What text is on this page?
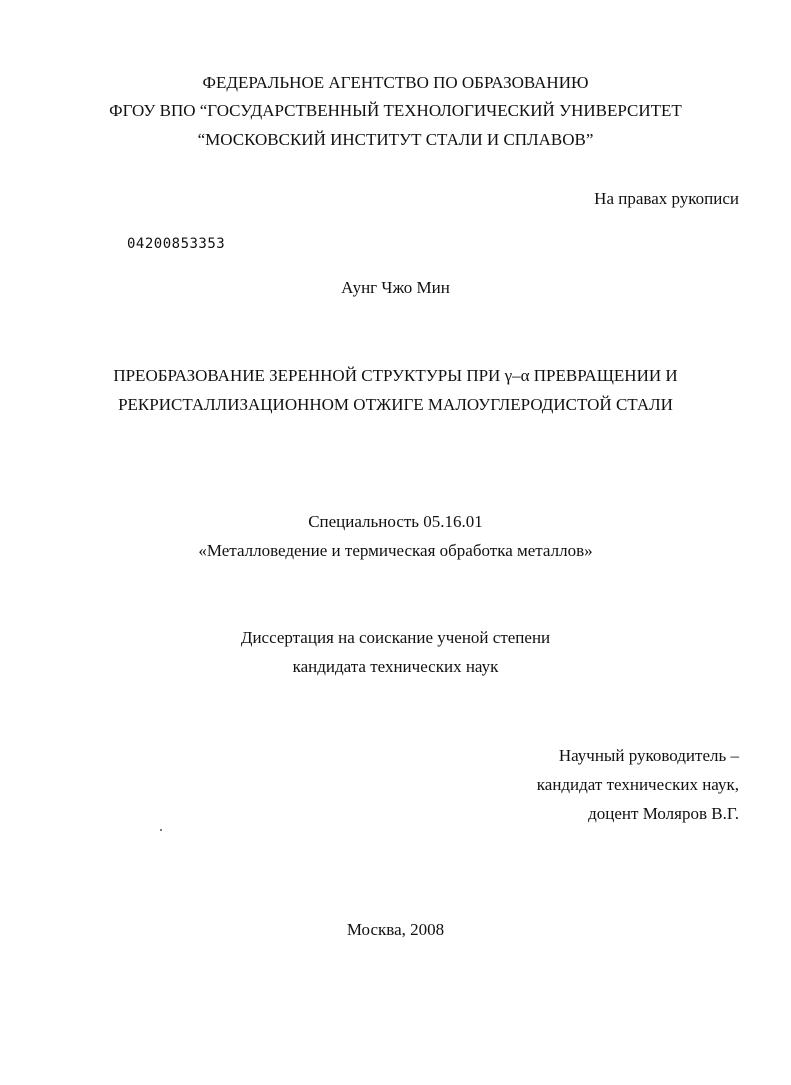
ФЕДЕРАЛЬНОЕ АГЕНТСТВО ПО ОБРАЗОВАНИЮ
ФГОУ ВПО “ГОСУДАРСТВЕННЫЙ ТЕХНОЛОГИЧЕСКИЙ УНИВЕРСИТЕТ
“МОСКОВСКИЙ ИНСТИТУТ СТАЛИ И СПЛАВОВ”
На правах рукописи
04200853353
Аунг Чжо Мин
ПРЕОБРАЗОВАНИЕ ЗЕРЕННОЙ СТРУКТУРЫ ПРИ γ–α ПРЕВРАЩЕНИИ И
РЕКРИСТАЛЛИЗАЦИОННОМ ОТЖИГЕ МАЛОУГЛЕРОДИСТОЙ СТАЛИ
Специальность 05.16.01
«Металловедение и термическая обработка металлов»
Диссертация на соискание ученой степени
кандидата технических наук
Научный руководитель –
кандидат технических наук,
доцент Моляров В.Г.
Москва, 2008
